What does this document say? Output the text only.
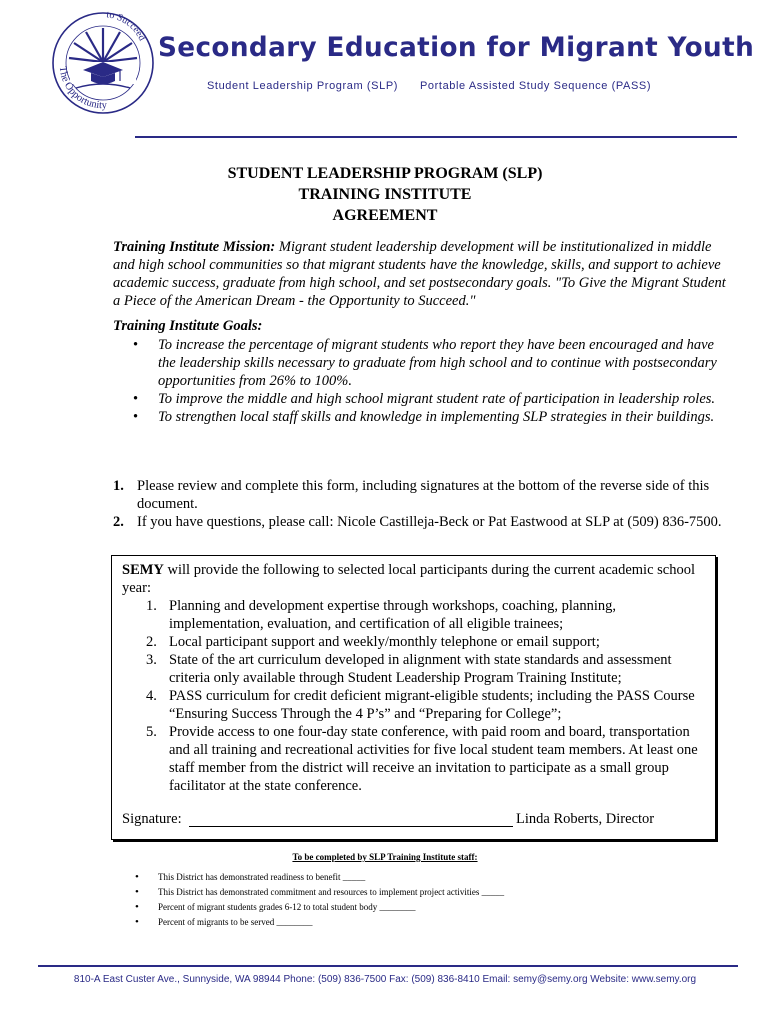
to Succeed
The Opportunity
Secondary Education for Migrant Youth
Student Leadership Program (SLP) Portable Assisted Study Sequence (PASS)
STUDENT LEADERSHIP PROGRAM (SLP)
TRAINING INSTITUTE
AGREEMENT
Training Institute Mission: Migrant student leadership development will be institutionalized in middle and high school communities so that migrant students have the knowledge, skills, and support to achieve academic success, graduate from high school, and set postsecondary goals. "To Give the Migrant Student a Piece of the American Dream - the Opportunity to Succeed."
Training Institute Goals:
• To increase the percentage of migrant students who report they have been encouraged and have the leadership skills necessary to graduate from high school and to continue with postsecondary opportunities from 26% to 100%.
• To improve the middle and high school migrant student rate of participation in leadership roles.
• To strengthen local staff skills and knowledge in implementing SLP strategies in their buildings.
1. Please review and complete this form, including signatures at the bottom of the reverse side of this document.
2. If you have questions, please call: Nicole Castilleja-Beck or Pat Eastwood at SLP at (509) 836-7500.
SEMY will provide the following to selected local participants during the current academic school year:
1. Planning and development expertise through workshops, coaching, planning, implementation, evaluation, and certification of all eligible trainees;
2. Local participant support and weekly/monthly telephone or email support;
3. State of the art curriculum developed in alignment with state standards and assessment criteria only available through Student Leadership Program Training Institute;
4. PASS curriculum for credit deficient migrant-eligible students; including the PASS Course “Ensuring Success Through the 4 P’s” and “Preparing for College”;
5. Provide access to one four-day state conference, with paid room and board, transportation and all training and recreational activities for five local student team members. At least one staff member from the district will receive an invitation to participate as a small group facilitator at the state conference.
Signature:	Linda Roberts, Director
To be completed by SLP Training Institute staff:
• This District has demonstrated readiness to benefit _____
• This District has demonstrated commitment and resources to implement project activities _____
• Percent of migrant students grades 6-12 to total student body ________
• Percent of migrants to be served ________
810-A East Custer Ave., Sunnyside, WA 98944 Phone: (509) 836-7500 Fax: (509) 836-8410 Email: semy@semy.org Website: www.semy.org
